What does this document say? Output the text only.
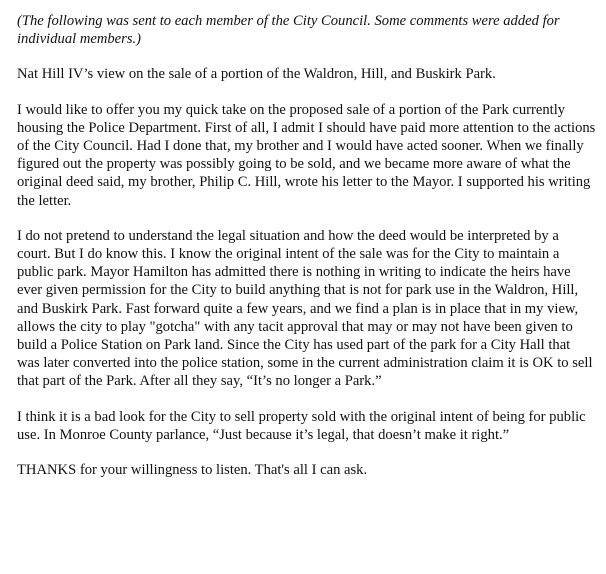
(The following was sent to each member of the City Council. Some comments were added for individual members.)

Nat Hill IV’s view on the sale of a portion of the Waldron, Hill, and Buskirk Park.

I would like to offer you my quick take on the proposed sale of a portion of the Park currently housing the Police Department. First of all, I admit I should have paid more attention to the actions of the City Council. Had I done that, my brother and I would have acted sooner. When we finally figured out the property was possibly going to be sold, and we became more aware of what the original deed said, my brother, Philip C. Hill, wrote his letter to the Mayor. I supported his writing the letter.

I do not pretend to understand the legal situation and how the deed would be interpreted by a court. But I do know this. I know the original intent of the sale was for the City to maintain a public park. Mayor Hamilton has admitted there is nothing in writing to indicate the heirs have ever given permission for the City to build anything that is not for park use in the Waldron, Hill, and Buskirk Park. Fast forward quite a few years, and we find a plan is in place that in my view, allows the city to play "gotcha" with any tacit approval that may or may not have been given to build a Police Station on Park land. Since the City has used part of the park for a City Hall that was later converted into the police station, some in the current administration claim it is OK to sell that part of the Park. After all they say, “It’s no longer a Park.”

I think it is a bad look for the City to sell property sold with the original intent of being for public use. In Monroe County parlance, “Just because it’s legal, that doesn’t make it right.”

THANKS for your willingness to listen. That's all I can ask.
